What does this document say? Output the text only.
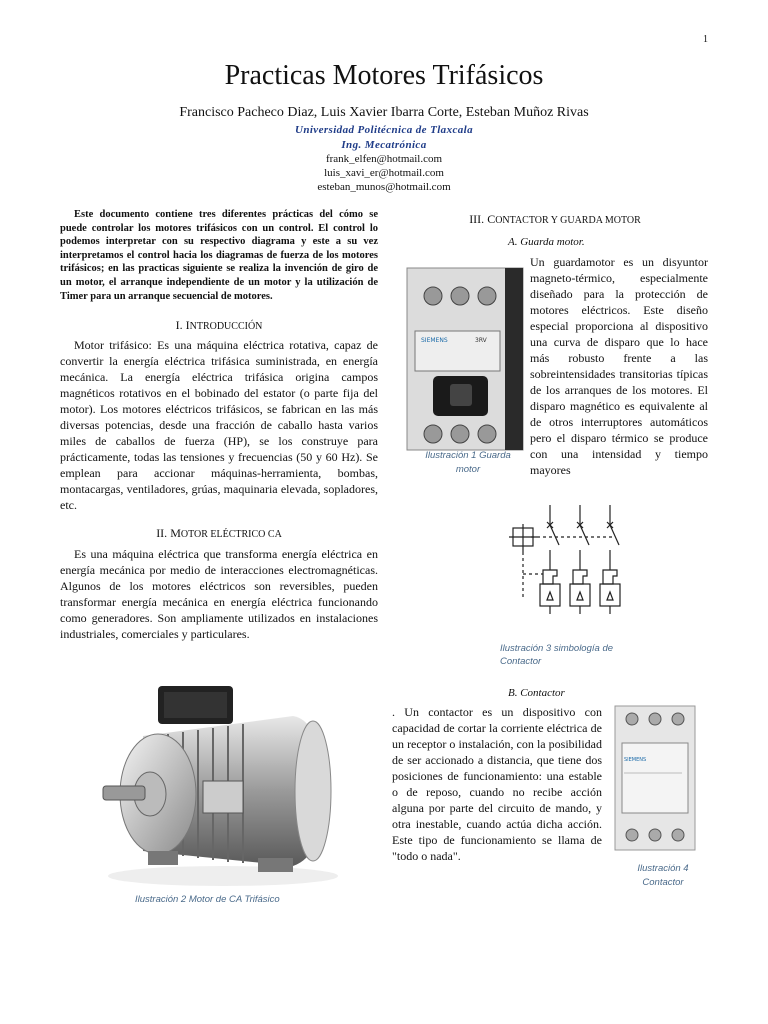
1
Practicas Motores Trifásicos
Francisco Pacheco Diaz, Luis Xavier Ibarra Corte, Esteban Muñoz Rivas
Universidad Politécnica de Tlaxcala
Ing. Mecatrónica
frank_elfen@hotmail.com
luis_xavi_er@hotmail.com
esteban_munos@hotmail.com
Este documento contiene tres diferentes prácticas del cómo se puede controlar los motores trifásicos con un control. El control lo podemos interpretar con su respectivo diagrama y este a su vez interpretamos el control hacia los diagramas de fuerza de los motores trifásicos; en las practicas siguiente se realiza la invención de giro de un motor, el arranque independiente de un motor y la utilización de Timer para un arranque secuencial de motores.
I. INTRODUCCIÓN
Motor trifásico: Es una máquina eléctrica rotativa, capaz de convertir la energía eléctrica trifásica suministrada, en energía mecánica. La energía eléctrica trifásica origina campos magnéticos rotativos en el bobinado del estator (o parte fija del motor). Los motores eléctricos trifásicos, se fabrican en las más diversas potencias, desde una fracción de caballo hasta varios miles de caballos de fuerza (HP), se los construye para prácticamente, todas las tensiones y frecuencias (50 y 60 Hz). Se emplean para accionar máquinas-herramienta, bombas, montacargas, ventiladores, grúas, maquinaria elevada, sopladores, etc.
II. MOTOR ELÉCTRICO CA
Es una máquina eléctrica que transforma energía eléctrica en energía mecánica por medio de interacciones electromagnéticas. Algunos de los motores eléctricos son reversibles, pueden transformar energía mecánica en energía eléctrica funcionando como generadores. Son ampliamente utilizados en instalaciones industriales, comerciales y particulares.
Ilustración 2 Motor de CA Trifásico
III. CONTACTOR Y GUARDA MOTOR
A. Guarda motor.
SIEMENS	3RV
Ilustración 1 Guarda motor
Un guardamotor es un disyuntor magneto-térmico, especialmente diseñado para la protección de motores eléctricos. Este diseño especial proporciona al dispositivo una curva de disparo que lo hace más robusto frente a las sobreintensidades transitorias típicas de los arranques de los motores. El disparo magnético es equivalente al de otros interruptores automáticos pero el disparo térmico se produce con una intensidad y tiempo mayores
Ilustración 3 simbología de Contactor
B. Contactor
. Un contactor es un dispositivo con capacidad de cortar la corriente eléctrica de un receptor o instalación, con la posibilidad de ser accionado a distancia, que tiene dos posiciones de funcionamiento: una estable o de reposo, cuando no recibe acción alguna por parte del circuito de mando, y otra inestable, cuando actúa dicha acción. Este tipo de funcionamiento se llama de "todo o nada".
SIEMENS
Ilustración 4 Contactor
